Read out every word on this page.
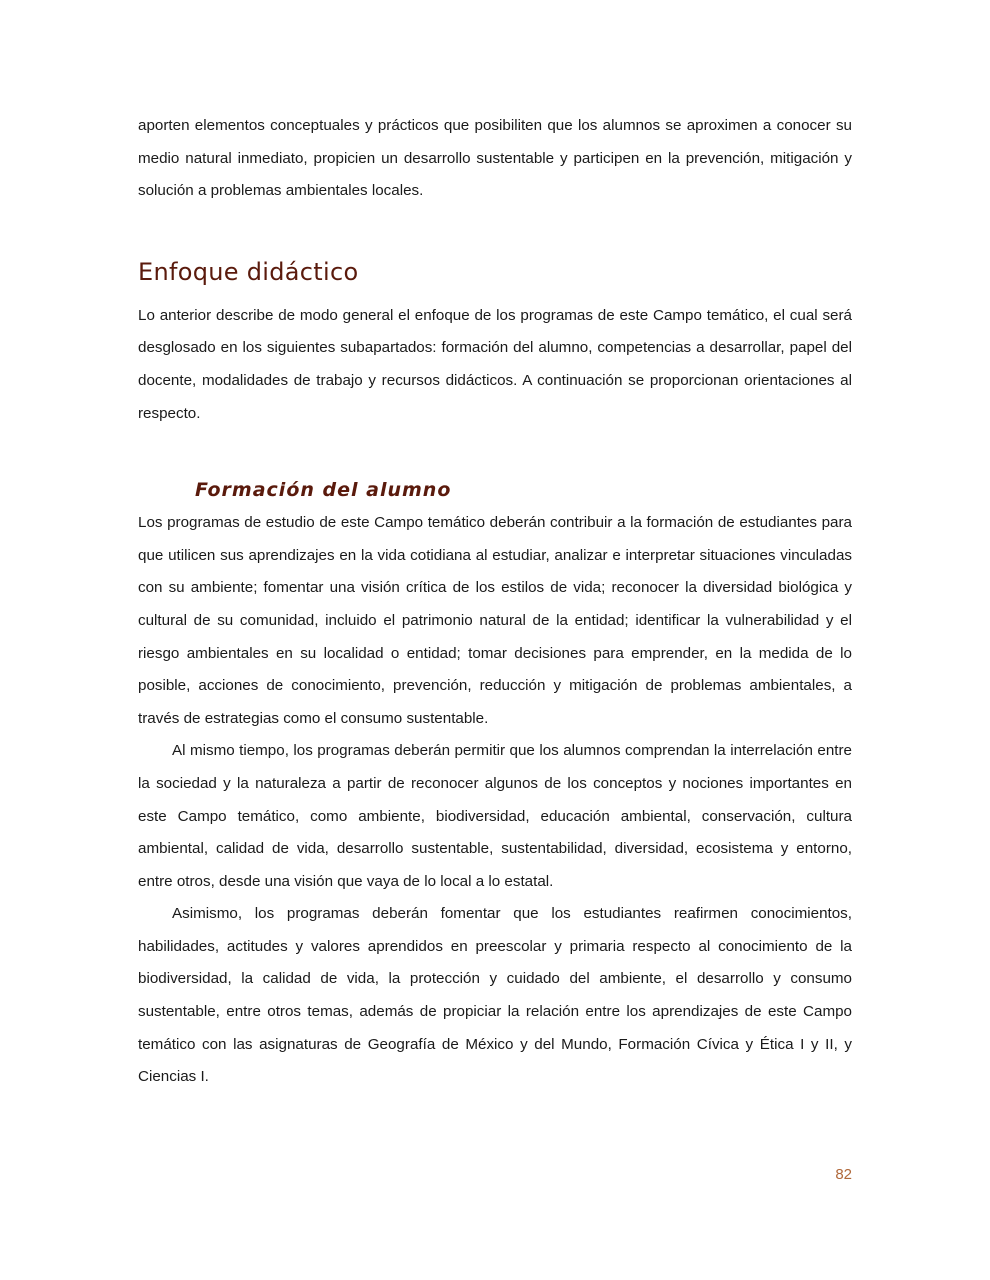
aporten elementos conceptuales y prácticos que posibiliten que los alumnos se aproximen a conocer su medio natural inmediato, propicien un desarrollo sustentable y participen en la prevención, mitigación y solución a problemas ambientales locales.

Enfoque didáctico

Lo anterior describe de modo general el enfoque de los programas de este Campo temático, el cual será desglosado en los siguientes subapartados: formación del alumno, competencias a desarrollar, papel del docente, modalidades de trabajo y recursos didácticos. A continuación se proporcionan orientaciones al respecto.

Formación del alumno

Los programas de estudio de este Campo temático deberán contribuir a la formación de estudiantes para que utilicen sus aprendizajes en la vida cotidiana al estudiar, analizar e interpretar situaciones vinculadas con su ambiente; fomentar una visión crítica de los estilos de vida; reconocer la diversidad biológica y cultural de su comunidad, incluido el patrimonio natural de la entidad; identificar la vulnerabilidad y el riesgo ambientales en su localidad o entidad; tomar decisiones para emprender, en la medida de lo posible, acciones de conocimiento, prevención, reducción y mitigación de problemas ambientales, a través de estrategias como el consumo sustentable.

Al mismo tiempo, los programas deberán permitir que los alumnos comprendan la interrelación entre la sociedad y la naturaleza a partir de reconocer algunos de los conceptos y nociones importantes en este Campo temático, como ambiente, biodiversidad, educación ambiental, conservación, cultura ambiental, calidad de vida, desarrollo sustentable, sustentabilidad, diversidad, ecosistema y entorno, entre otros, desde una visión que vaya de lo local a lo estatal.

Asimismo, los programas deberán fomentar que los estudiantes reafirmen conocimientos, habilidades, actitudes y valores aprendidos en preescolar y primaria respecto al conocimiento de la biodiversidad, la calidad de vida, la protección y cuidado del ambiente, el desarrollo y consumo sustentable, entre otros temas, además de propiciar la relación entre los aprendizajes de este Campo temático con las asignaturas de Geografía de México y del Mundo, Formación Cívica y Ética I y II, y Ciencias I.

82
